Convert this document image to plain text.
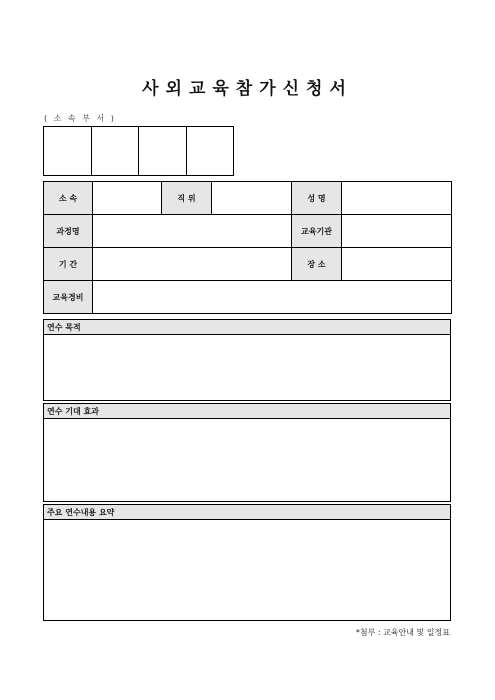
사외교육참가신청서
( 소 속 부 서 )
소 속		직 위		성 명	
과정명				교육기관	
기 간				장 소	
교육경비					
연수 목적
연수 기대 효과
주요 연수내용 요약
*첨부 : 교육안내 및 일정표
